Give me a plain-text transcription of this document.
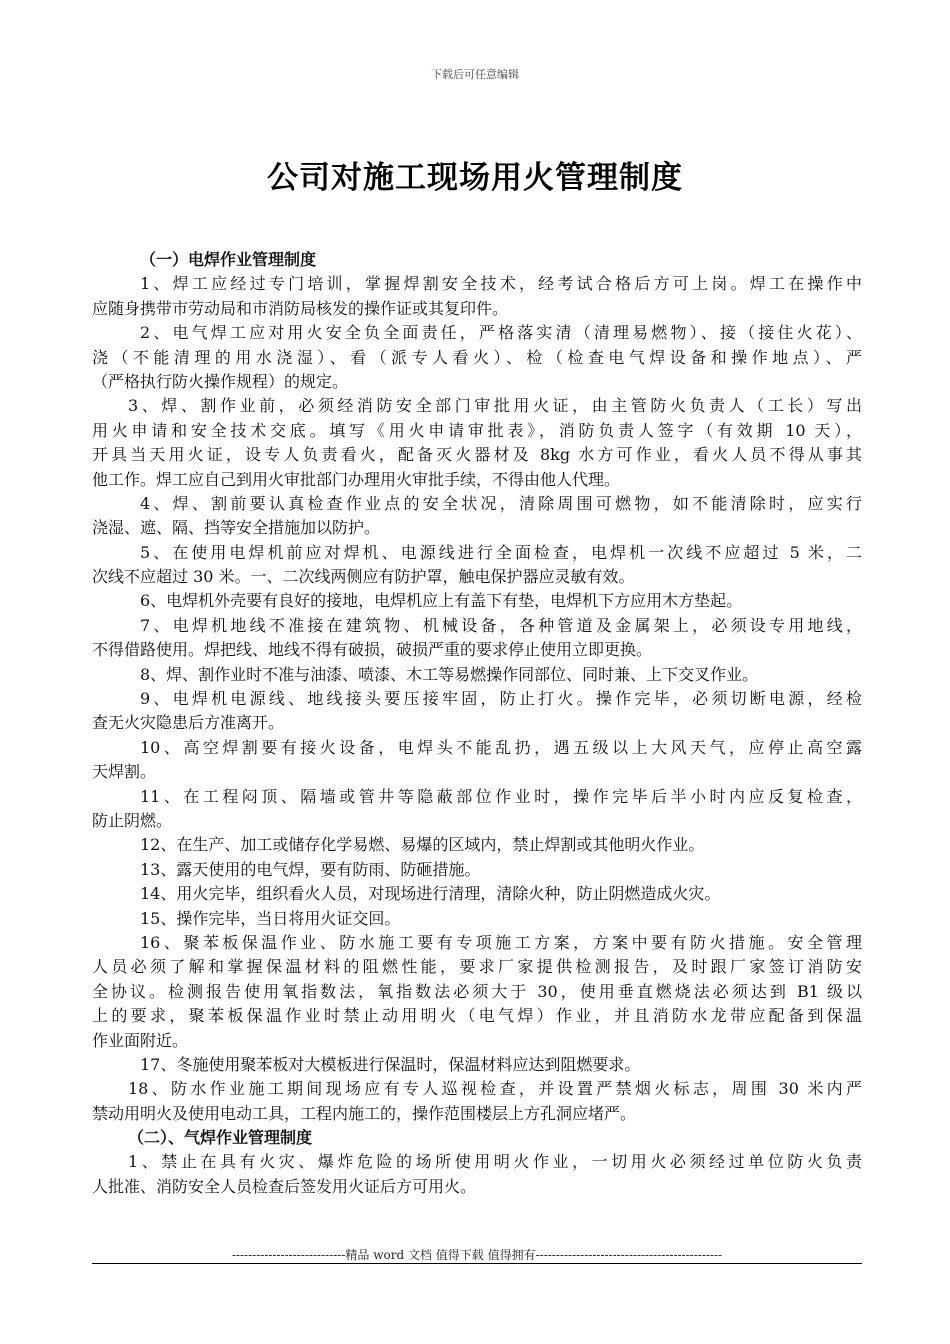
下载后可任意编辑
公司对施工现场用火管理制度
（一）电焊作业管理制度
1、焊工应经过专门培训，掌握焊割安全技术，经考试合格后方可上岗。焊工在操作中
应随身携带市劳动局和市消防局核发的操作证或其复印件。
2、电气焊工应对用火安全负全面责任，严格落实清（清理易燃物）、接（接住火花）、
浇（不能清理的用水浇湿）、看（派专人看火）、检（检查电气焊设备和操作地点）、严
（严格执行防火操作规程）的规定。
3、焊、割作业前，必须经消防安全部门审批用火证，由主管防火负责人（工长）写出
用火申请和安全技术交底。填写《用火申请审批表》，消防负责人签字（有效期 10 天），
开具当天用火证，设专人负责看火，配备灭火器材及 8kg 水方可作业，看火人员不得从事其
他工作。焊工应自己到用火审批部门办理用火审批手续，不得由他人代理。
4、焊、割前要认真检查作业点的安全状况，清除周围可燃物，如不能清除时，应实行
浇湿、遮、隔、挡等安全措施加以防护。
5、在使用电焊机前应对焊机、电源线进行全面检查，电焊机一次线不应超过 5 米，二
次线不应超过 30 米。一、二次线两侧应有防护罩，触电保护器应灵敏有效。
6、电焊机外壳要有良好的接地，电焊机应上有盖下有垫，电焊机下方应用木方垫起。
7、电焊机地线不准接在建筑物、机械设备，各种管道及金属架上，必须设专用地线，
不得借路使用。焊把线、地线不得有破损，破损严重的要求停止使用立即更换。
8、焊、割作业时不准与油漆、喷漆、木工等易燃操作同部位、同时兼、上下交叉作业。
9、电焊机电源线、地线接头要压接牢固，防止打火。操作完毕，必须切断电源，经检
查无火灾隐患后方准离开。
10、高空焊割要有接火设备，电焊头不能乱扔，遇五级以上大风天气，应停止高空露
天焊割。
11、在工程闷顶、隔墙或管井等隐蔽部位作业时，操作完毕后半小时内应反复检查，
防止阴燃。
12、在生产、加工或储存化学易燃、易爆的区域内，禁止焊割或其他明火作业。
13、露天使用的电气焊，要有防雨、防砸措施。
14、用火完毕，组织看火人员，对现场进行清理，清除火种，防止阴燃造成火灾。
15、操作完毕，当日将用火证交回。
16、聚苯板保温作业、防水施工要有专项施工方案，方案中要有防火措施。安全管理
人员必须了解和掌握保温材料的阻燃性能，要求厂家提供检测报告，及时跟厂家签订消防安
全协议。检测报告使用氧指数法，氧指数法必须大于 30，使用垂直燃烧法必须达到 B1 级以
上的要求，聚苯板保温作业时禁止动用明火（电气焊）作业，并且消防水龙带应配备到保温
作业面附近。
17、冬施使用聚苯板对大模板进行保温时，保温材料应达到阻燃要求。
18、防水作业施工期间现场应有专人巡视检查，并设置严禁烟火标志，周围 30 米内严
禁动用明火及使用电动工具，工程内施工的，操作范围楼层上方孔洞应堵严。
（二）、气焊作业管理制度
1、禁止在具有火灾、爆炸危险的场所使用明火作业，一切用火必须经过单位防火负责
人批准、消防安全人员检查后签发用火证后方可用火。
----------------------------精品 word 文档 值得下载 值得拥有----------------------------------------------
